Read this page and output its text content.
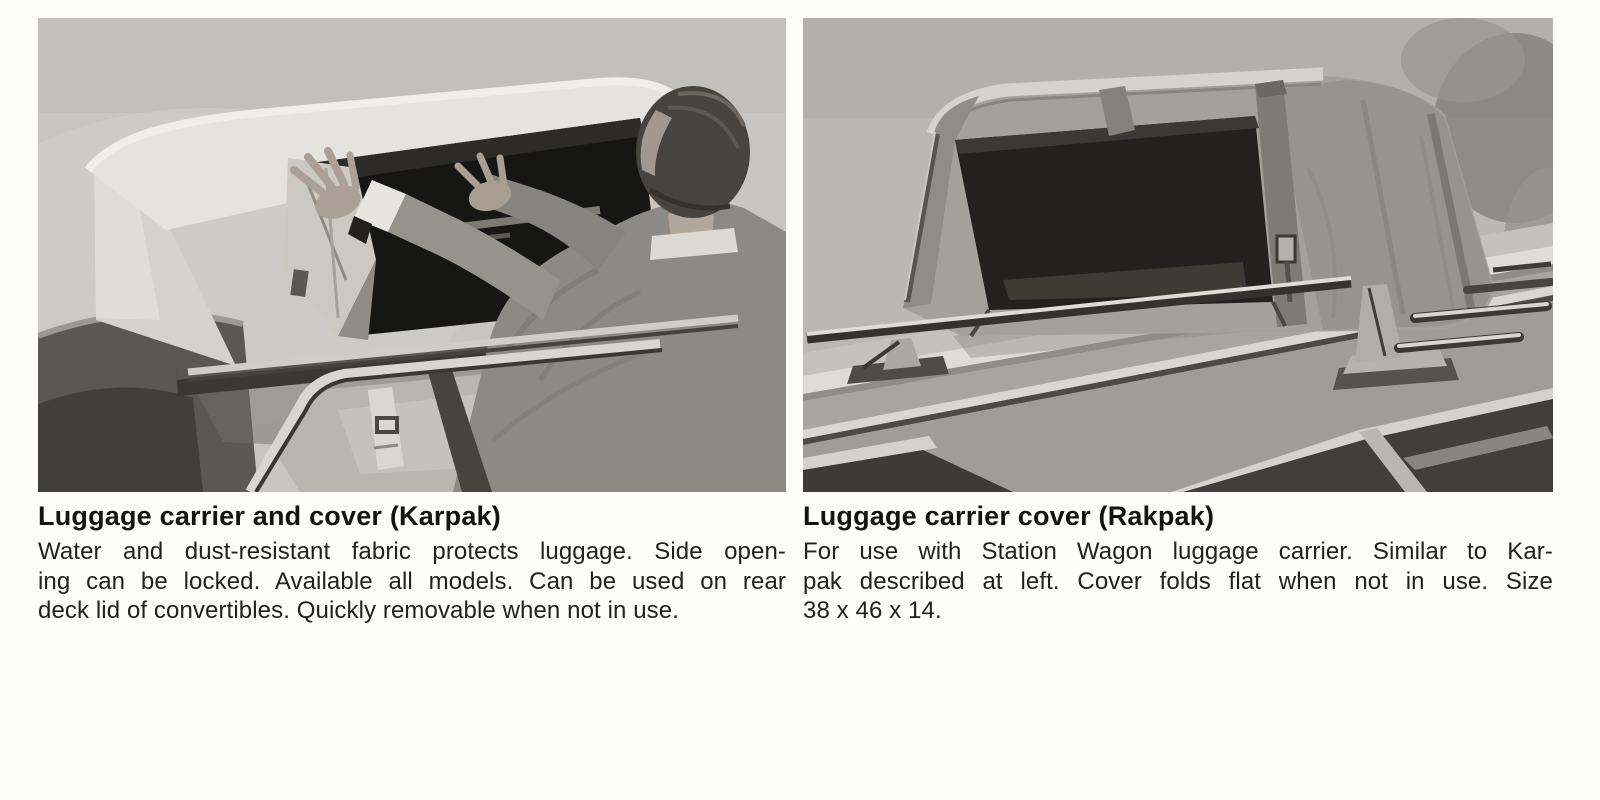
Luggage carrier and cover (Karpak)
Water and dust-resistant fabric protects luggage. Side open-
ing can be locked. Available all models. Can be used on rear
deck lid of convertibles. Quickly removable when not in use.
Luggage carrier cover (Rakpak)
For use with Station Wagon luggage carrier. Similar to Kar-
pak described at left. Cover folds flat when not in use. Size
38 x 46 x 14.
